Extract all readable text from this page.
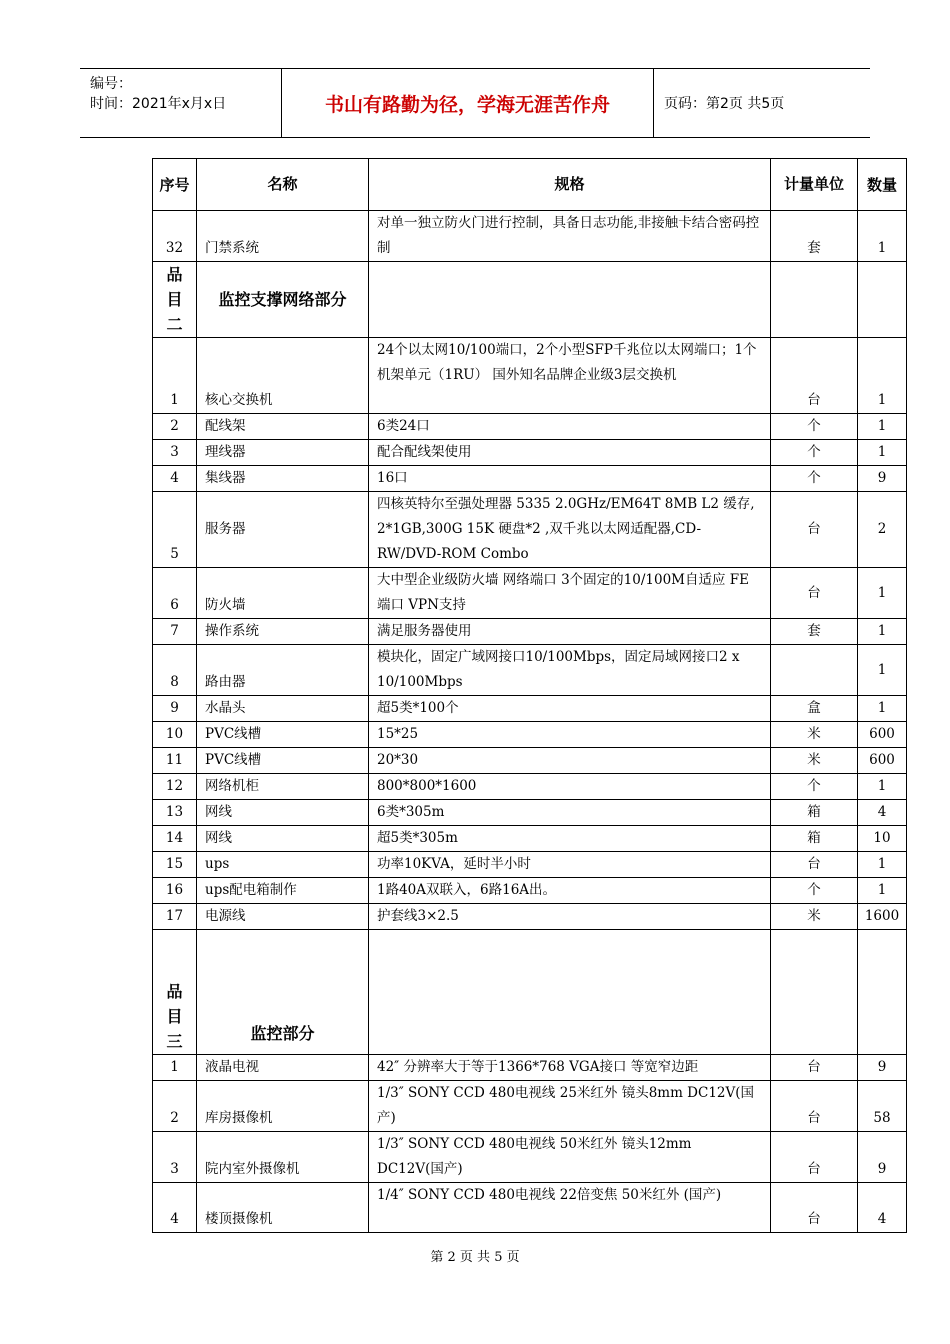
编号：
时间：2021年x月x日	书山有路勤为径，学海无涯苦作舟	页码：第2页 共5页
序号	名称	规格	计量单位	数量
32	门禁系统	对单一独立防火门进行控制，具备日志功能,非接触卡结合密码控制	套	1

品
目
二	监控支撑网络部分			
1	核心交换机	24个以太网10/100端口，2个小型SFP千兆位以太网端口；1个机架单元（1RU） 国外知名品牌企业级3层交换机	台	1
2	配线架	6类24口	个	1
3	理线器	配合配线架使用	个	1
4	集线器	16口	个	9
5	服务器	四核英特尔至强处理器 5335 2.0GHz/EM64T 8MB L2 缓存, 2*1GB,300G 15K 硬盘*2 ,双千兆以太网适配器,CD-RW/DVD-ROM Combo	台	2
6	防火墙	大中型企业级防火墙 网络端口 3个固定的10/100M自适应 FE端口 VPN支持	台	1
7	操作系统	满足服务器使用	套	1
8	路由器	模块化，固定广域网接口10/100Mbps，固定局域网接口2 x 10/100Mbps		1
9	水晶头	超5类*100个	盒	1
10	PVC线槽	15*25	米	600
11	PVC线槽	20*30	米	600
12	网络机柜	800*800*1600	个	1
13	网线	6类*305m	箱	4
14	网线	超5类*305m	箱	10
15	ups	功率10KVA，延时半小时	台	1
16	ups配电箱制作	1路40A双联入，6路16A出。	个	1
17	电源线	护套线3×2.5	米	1600

品
目
三	监控部分			
1	液晶电视	42″ 分辨率大于等于1366*768 VGA接口 等宽窄边距	台	9
2	库房摄像机	1/3″ SONY CCD 480电视线 25米红外 镜头8mm DC12V(国产)	台	58
3	院内室外摄像机	1/3″ SONY CCD 480电视线 50米红外 镜头12mm DC12V(国产)	台	9
4	楼顶摄像机	1/4″ SONY CCD 480电视线 22倍变焦 50米红外 (国产)	台	4
第 2 页 共 5 页
